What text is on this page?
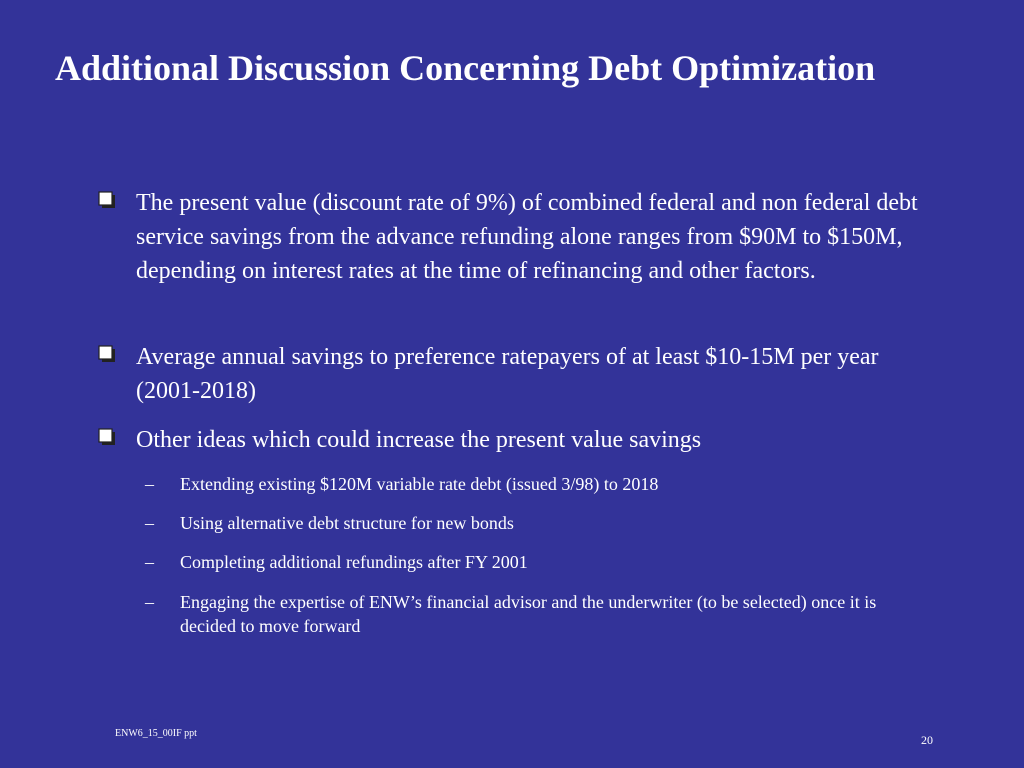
Additional Discussion Concerning Debt Optimization
The present value (discount rate of 9%) of combined federal and non federal debt service savings from the advance refunding alone ranges from $90M to $150M, depending on interest rates at the time of refinancing and other factors.
Average annual savings to preference ratepayers of at least $10-15M per year (2001-2018)
Other ideas which could increase the present value savings
–	Extending existing $120M variable rate debt (issued 3/98) to 2018
–	Using alternative debt structure for new bonds
–	Completing additional refundings after FY 2001
–	Engaging the expertise of ENW’s financial advisor and the underwriter (to be selected) once it is decided to move forward
ENW6_15_00IF ppt	20
